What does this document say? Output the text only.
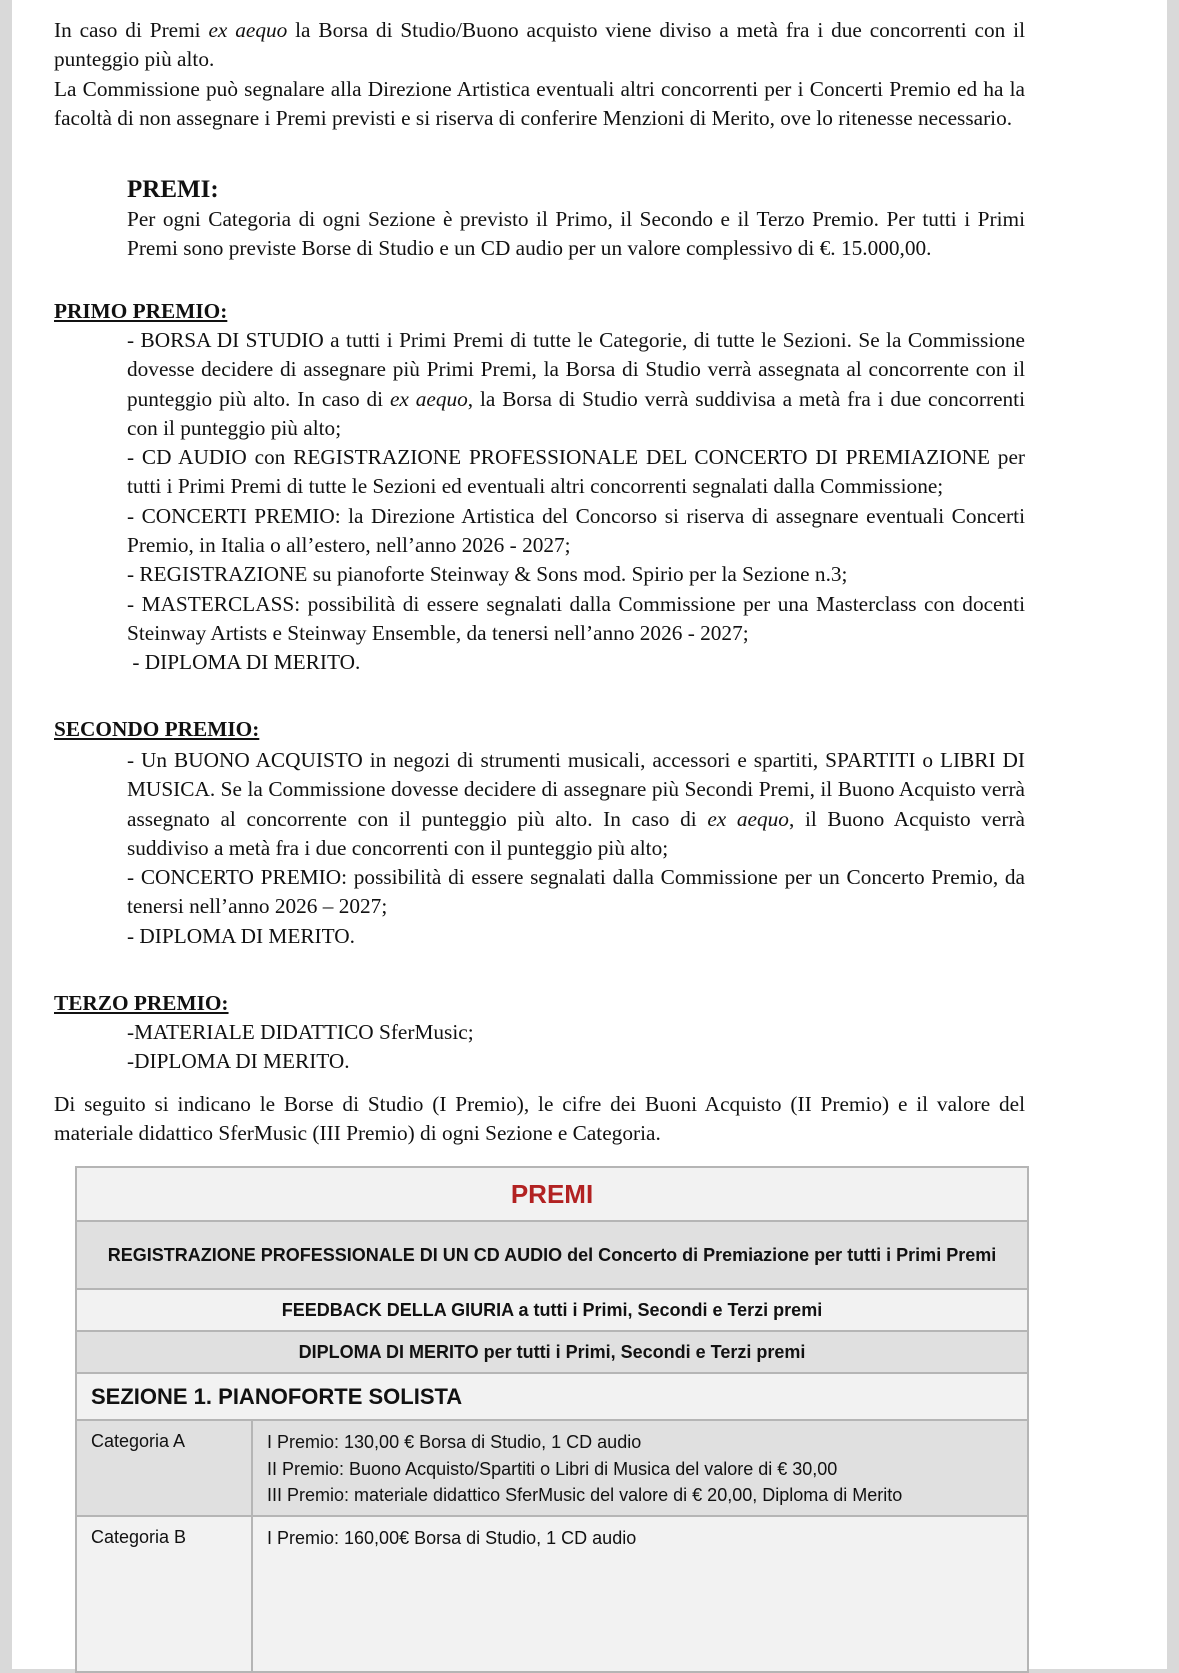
In caso di Premi ex aequo la Borsa di Studio/Buono acquisto viene diviso a metà fra i due concorrenti con il punteggio più alto.

La Commissione può segnalare alla Direzione Artistica eventuali altri concorrenti per i Concerti Premio ed ha la facoltà di non assegnare i Premi previsti e si riserva di conferire Menzioni di Merito, ove lo ritenesse necessario.

PREMI:

Per ogni Categoria di ogni Sezione è previsto il Primo, il Secondo e il Terzo Premio. Per tutti i Primi Premi sono previste Borse di Studio e un CD audio per un valore complessivo di €. 15.000,00.

PRIMO PREMIO:

- BORSA DI STUDIO a tutti i Primi Premi di tutte le Categorie, di tutte le Sezioni. Se la Commissione dovesse decidere di assegnare più Primi Premi, la Borsa di Studio verrà assegnata al concorrente con il punteggio più alto. In caso di ex aequo, la Borsa di Studio verrà suddivisa a metà fra i due concorrenti con il punteggio più alto;

- CD AUDIO con REGISTRAZIONE PROFESSIONALE DEL CONCERTO DI PREMIAZIONE per tutti i Primi Premi di tutte le Sezioni ed eventuali altri concorrenti segnalati dalla Commissione;

- CONCERTI PREMIO: la Direzione Artistica del Concorso si riserva di assegnare eventuali Concerti Premio, in Italia o all’estero, nell’anno 2026 - 2027;

- REGISTRAZIONE su pianoforte Steinway & Sons mod. Spirio per la Sezione n.3;

- MASTERCLASS: possibilità di essere segnalati dalla Commissione per una Masterclass con docenti Steinway Artists e Steinway Ensemble, da tenersi nell’anno 2026 - 2027;

- DIPLOMA DI MERITO.

SECONDO PREMIO:

- Un BUONO ACQUISTO in negozi di strumenti musicali, accessori e spartiti, SPARTITI o LIBRI DI MUSICA. Se la Commissione dovesse decidere di assegnare più Secondi Premi, il Buono Acquisto verrà assegnato al concorrente con il punteggio più alto. In caso di ex aequo, il Buono Acquisto verrà suddiviso a metà fra i due concorrenti con il punteggio più alto;

- CONCERTO PREMIO: possibilità di essere segnalati dalla Commissione per un Concerto Premio, da tenersi nell’anno 2026 – 2027;

- DIPLOMA DI MERITO.

TERZO PREMIO:

-MATERIALE DIDATTICO SferMusic;

-DIPLOMA DI MERITO.

Di seguito si indicano le Borse di Studio (I Premio), le cifre dei Buoni Acquisto (II Premio) e il valore del materiale didattico SferMusic (III Premio) di ogni Sezione e Categoria.

PREMI	
REGISTRAZIONE PROFESSIONALE DI UN CD AUDIO del Concerto di Premiazione per tutti i Primi Premi	
FEEDBACK DELLA GIURIA a tutti i Primi, Secondi e Terzi premi	
DIPLOMA DI MERITO per tutti i Primi, Secondi e Terzi premi	
SEZIONE 1. PIANOFORTE SOLISTA	
Categoria A	I Premio: 130,00 € Borsa di Studio, 1 CD audio
II Premio: Buono Acquisto/Spartiti o Libri di Musica del valore di € 30,00
III Premio: materiale didattico SferMusic del valore di € 20,00, Diploma di Merito

Categoria B	I Premio: 160,00€ Borsa di Studio, 1 CD audio
